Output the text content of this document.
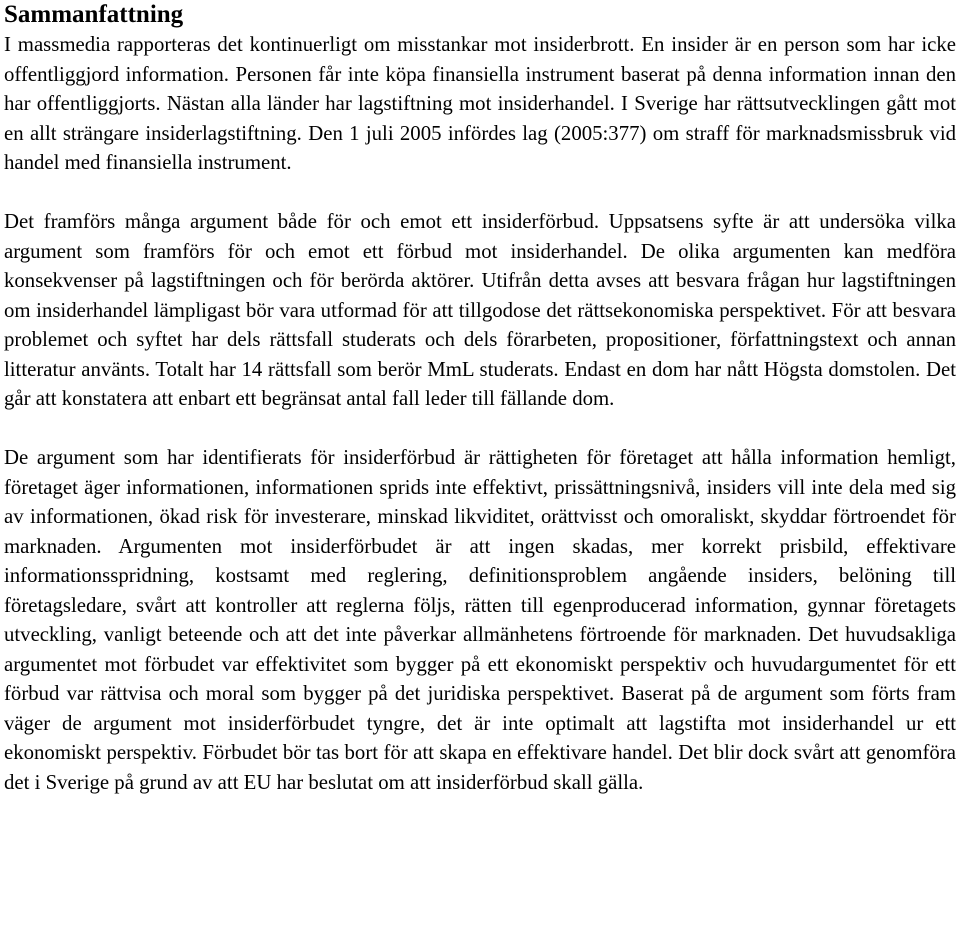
Sammanfattning

I massmedia rapporteras det kontinuerligt om misstankar mot insiderbrott. En insider är en person som har icke offentliggjord information. Personen får inte köpa finansiella instrument baserat på denna information innan den har offentliggjorts. Nästan alla länder har lagstiftning mot insiderhandel. I Sverige har rättsutvecklingen gått mot en allt strängare insiderlagstiftning. Den 1 juli 2005 infördes lag (2005:377) om straff för marknadsmissbruk vid handel med finansiella instrument.

Det framförs många argument både för och emot ett insiderförbud. Uppsatsens syfte är att undersöka vilka argument som framförs för och emot ett förbud mot insiderhandel. De olika argumenten kan medföra konsekvenser på lagstiftningen och för berörda aktörer. Utifrån detta avses att besvara frågan hur lagstiftningen om insiderhandel lämpligast bör vara utformad för att tillgodose det rättsekonomiska perspektivet. För att besvara problemet och syftet har dels rättsfall studerats och dels förarbeten, propositioner, författningstext och annan litteratur använts. Totalt har 14 rättsfall som berör MmL studerats. Endast en dom har nått Högsta domstolen. Det går att konstatera att enbart ett begränsat antal fall leder till fällande dom.

De argument som har identifierats för insiderförbud är rättigheten för företaget att hålla information hemligt, företaget äger informationen, informationen sprids inte effektivt, prissättningsnivå, insiders vill inte dela med sig av informationen, ökad risk för investerare, minskad likviditet, orättvisst och omoraliskt, skyddar förtroendet för marknaden. Argumenten mot insiderförbudet är att ingen skadas, mer korrekt prisbild, effektivare informationsspridning, kostsamt med reglering, definitionsproblem angående insiders, belöning till företagsledare, svårt att kontroller att reglerna följs, rätten till egenproducerad information, gynnar företagets utveckling, vanligt beteende och att det inte påverkar allmänhetens förtroende för marknaden. Det huvudsakliga argumentet mot förbudet var effektivitet som bygger på ett ekonomiskt perspektiv och huvudargumentet för ett förbud var rättvisa och moral som bygger på det juridiska perspektivet. Baserat på de argument som förts fram väger de argument mot insiderförbudet tyngre, det är inte optimalt att lagstifta mot insiderhandel ur ett ekonomiskt perspektiv. Förbudet bör tas bort för att skapa en effektivare handel. Det blir dock svårt att genomföra det i Sverige på grund av att EU har beslutat om att insiderförbud skall gälla.
